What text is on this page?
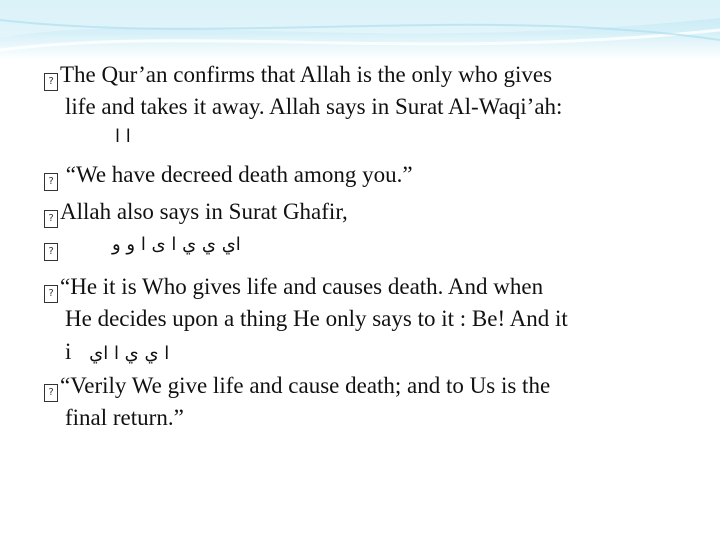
? The Qur’an confirms that Allah is the only who gives
life and takes it away. Allah says in Surat Al-Waqi’ah:
ا ا
? “We have decreed death among you.”
? Allah also says in Surat Ghafir,
?	اي ي ي ا ى ا و و
? “He it is Who gives life and causes death. And when
He decides upon a thing He only says to it : Be! And it
i ا ي ي ا اي
? “Verily We give life and cause death; and to Us is the
final return.”
